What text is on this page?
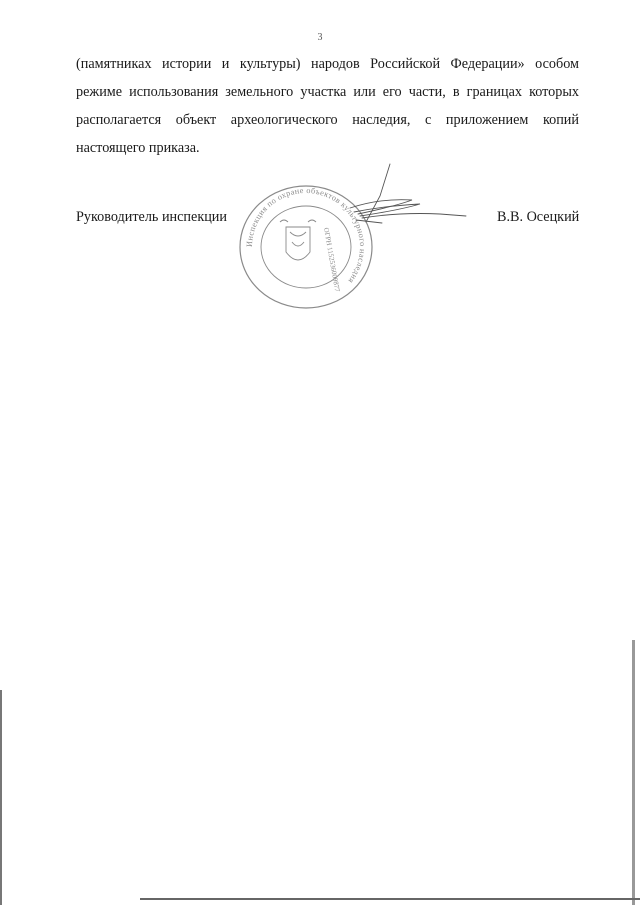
3
(памятниках истории и культуры) народов Российской Федерации» особом
режиме использования земельного участка или его части, в границах которых
располагается объект археологического наследия, с приложением копий
настоящего приказа.
Руководитель инспекции
Инспекция по охране объектов культурного наследия
ОГРН 1152536009877
В.В. Осецкий
